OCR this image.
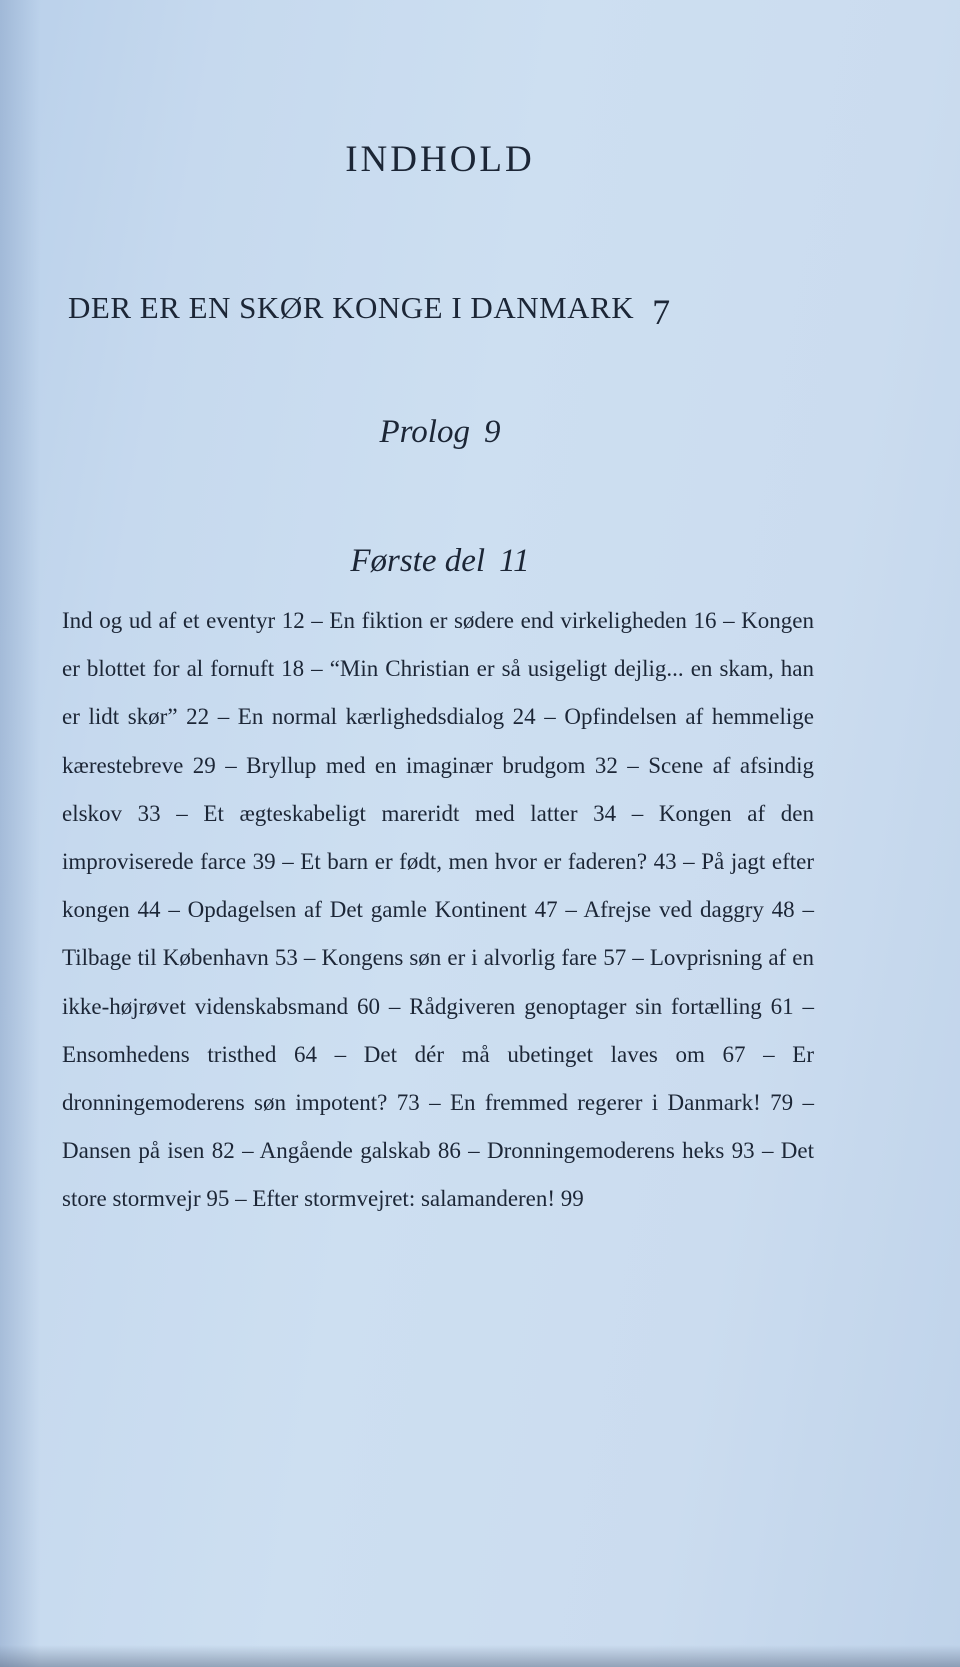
INDHOLD
DER ER EN SKØR KONGE I DANMARK 7
Prolog 9
Første del 11

Ind og ud af et eventyr 12 – En fiktion er sødere end virkeligheden 16 – Kongen er blottet for al fornuft 18 – “Min Christian er så usigeligt dejlig... en skam, han er lidt skør” 22 – En normal kærlighedsdialog 24 – Opfindelsen af hemmelige kærestebreve 29 – Bryllup med en imaginær brudgom 32 – Scene af afsindig elskov 33 – Et ægteskabeligt mareridt med latter 34 – Kongen af den improviserede farce 39 – Et barn er født, men hvor er faderen? 43 – På jagt efter kongen 44 – Opdagelsen af Det gamle Kontinent 47 – Afrejse ved daggry 48 – Tilbage til København 53 – Kongens søn er i alvorlig fare 57 – Lovprisning af en ikke-højrøvet videnskabsmand 60 – Rådgiveren genoptager sin fortælling 61 – Ensomhedens tristhed 64 – Det dér må ubetinget laves om 67 – Er dronningemoderens søn impotent? 73 – En fremmed regerer i Danmark! 79 – Dansen på isen 82 – Angående galskab 86 – Dronningemoderens heks 93 – Det store stormvejr 95 – Efter stormvejret: salamanderen! 99
